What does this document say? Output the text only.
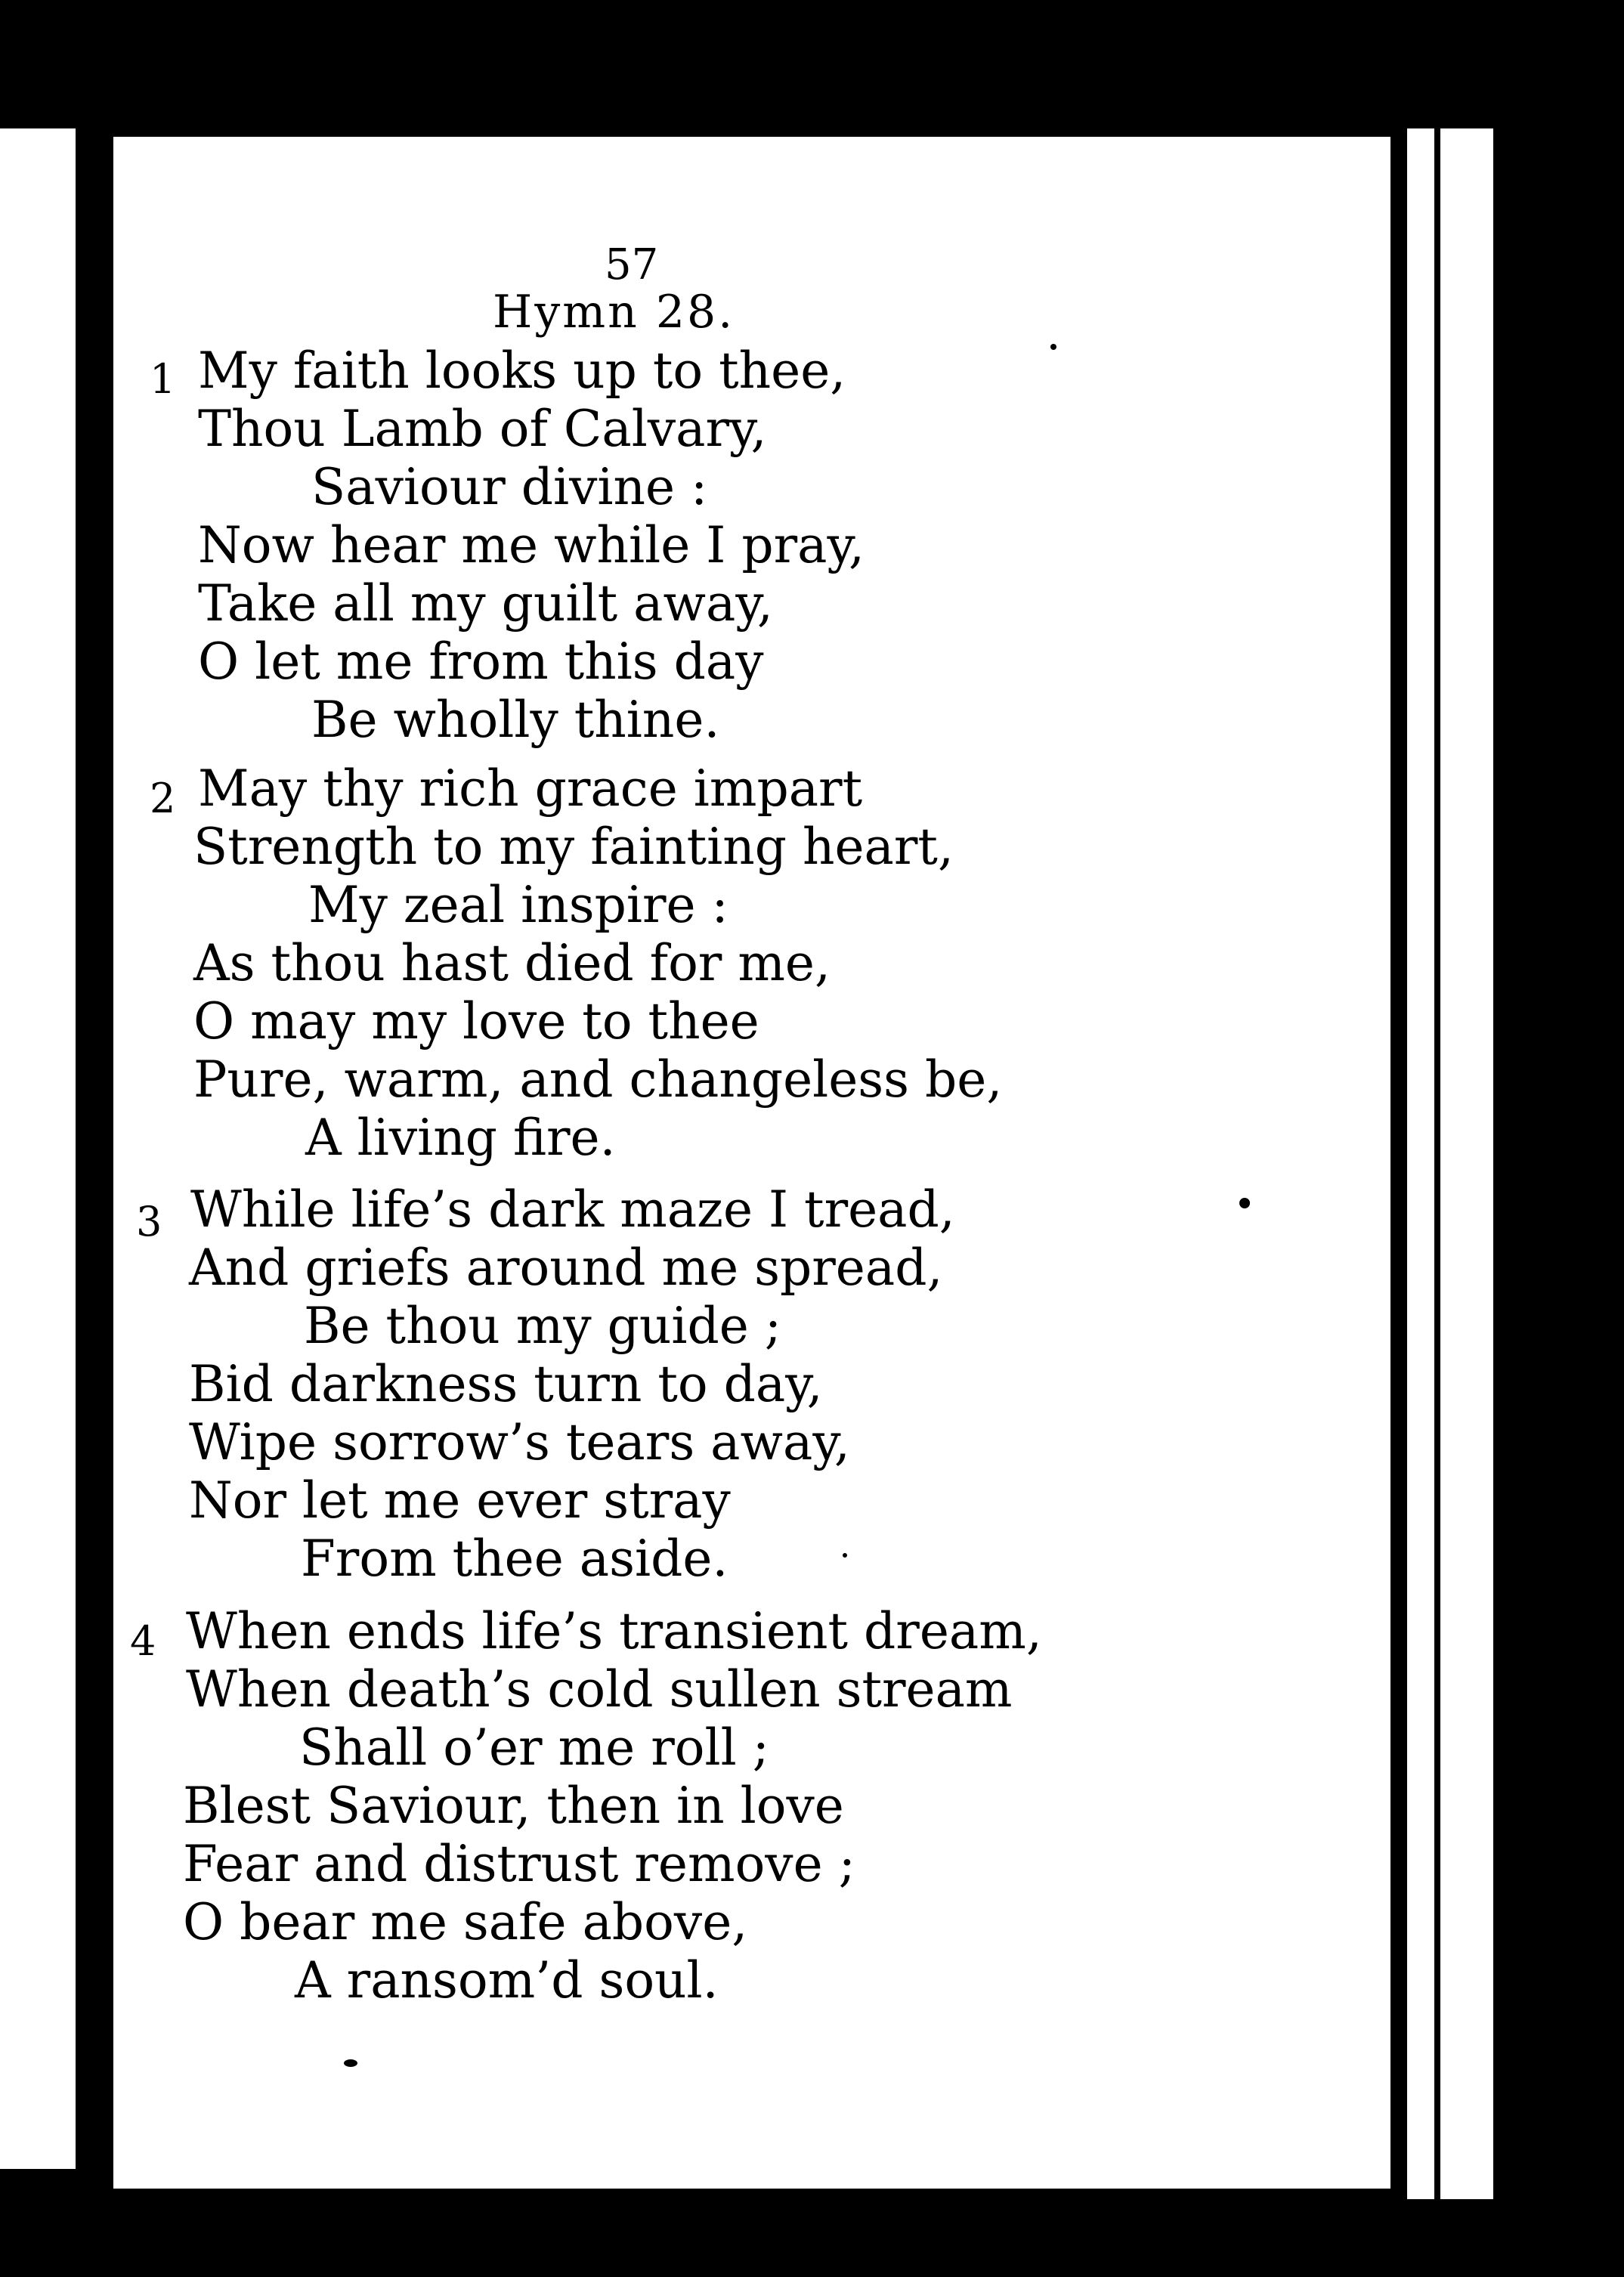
57
Hymn 28.
1 My faith looks up to thee,
Thou Lamb of Calvary,
Saviour divine :
Now hear me while I pray,
Take all my guilt away,
O let me from this day
Be wholly thine.
2 May thy rich grace impart
Strength to my fainting heart,
My zeal inspire :
As thou hast died for me,
O may my love to thee
Pure, warm, and changeless be,
A living fire.
3 While life’s dark maze I tread,
And griefs around me spread,
Be thou my guide ;
Bid darkness turn to day,
Wipe sorrow’s tears away,
Nor let me ever stray
From thee aside.
4 When ends life’s transient dream,
When death’s cold sullen stream
Shall o’er me roll ;
Blest Saviour, then in love
Fear and distrust remove ;
O bear me safe above,
A ransom’d soul.
